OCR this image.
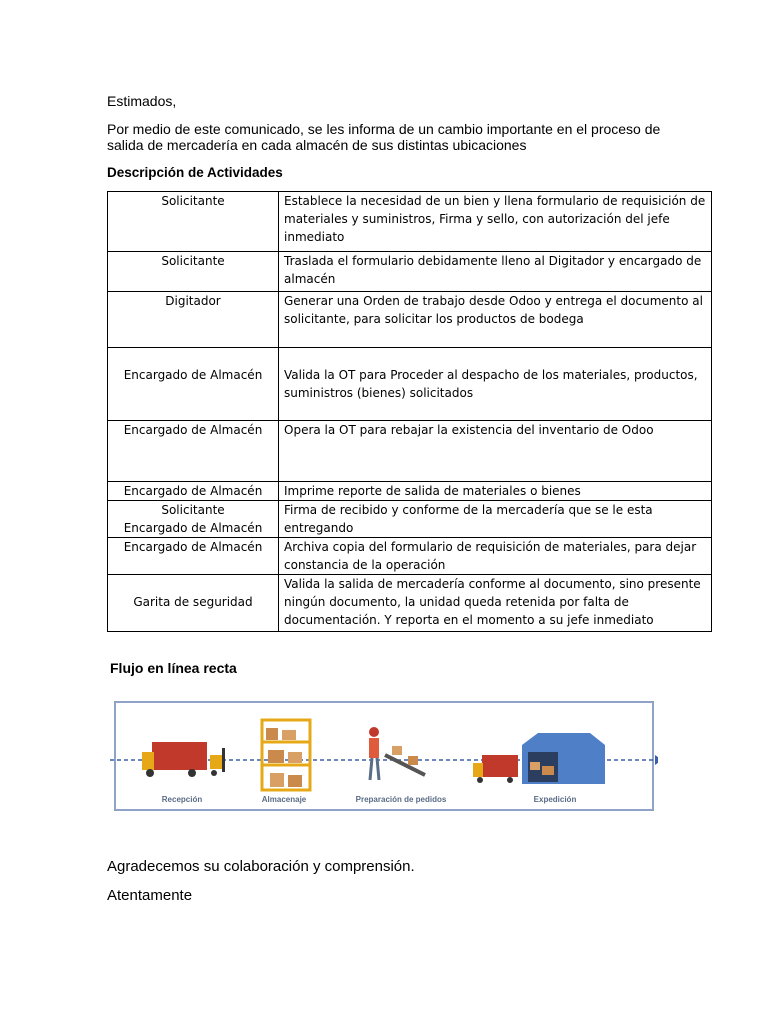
Estimados,

Por medio de este comunicado, se les informa de un cambio importante en el proceso de

salida de mercadería en cada almacén de sus distintas ubicaciones

Descripción de Actividades

Solicitante	Establece la necesidad de un bien y llena formulario de requisición de materiales y suministros, Firma y sello, con autorización del jefe inmediato

Solicitante	Traslada el formulario debidamente lleno al Digitador y encargado de almacén

Digitador	Generar una Orden de trabajo desde Odoo y entrega el documento al solicitante, para solicitar los productos de bodega

Encargado de Almacén	Valida la OT para Proceder al despacho de los materiales, productos, suministros (bienes) solicitados

Encargado de Almacén	Opera la OT para rebajar la existencia del inventario de Odoo

Encargado de Almacén	Imprime reporte de salida de materiales o bienes

Solicitante
Encargado de Almacén	Firma de recibido y conforme de la mercadería que se le esta entregando

Encargado de Almacén	Archiva copia del formulario de requisición de materiales, para dejar constancia de la operación

Garita de seguridad	Valida la salida de mercadería conforme al documento, sino presente ningún documento, la unidad queda retenida por falta de documentación. Y reporta en el momento a su jefe inmediato
Flujo en línea recta
Recepción	Almacenaje	Preparación de pedidos	Expedición

Agradecemos su colaboración y comprensión.

Atentamente
